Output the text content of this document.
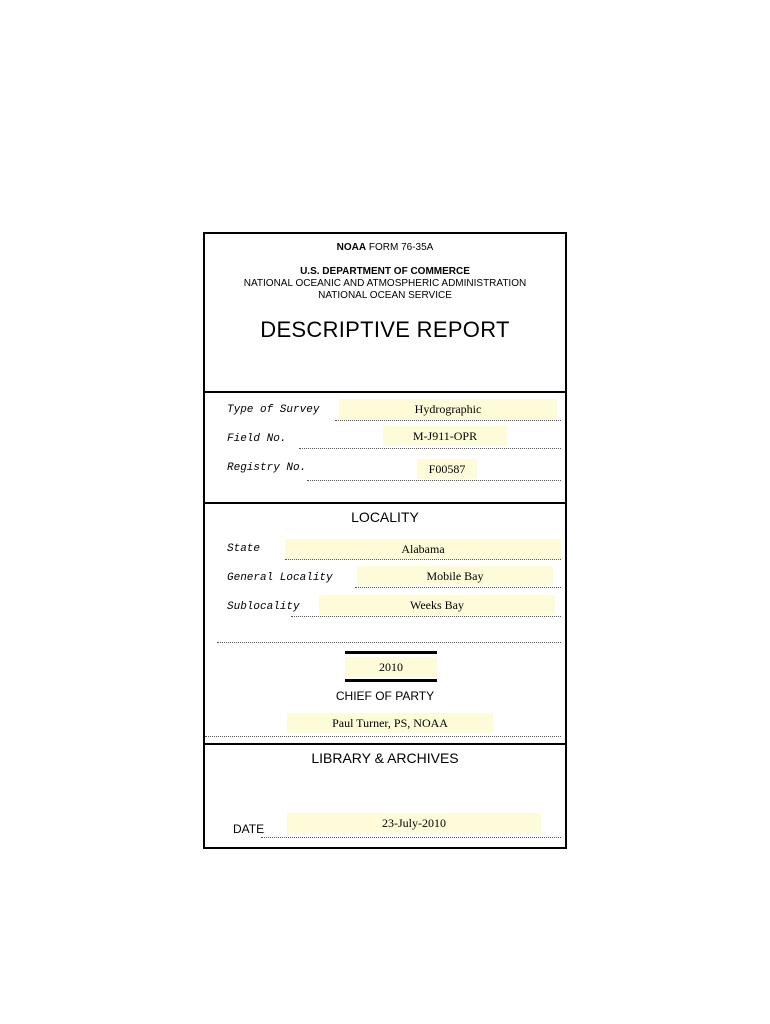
NOAA FORM 76-35A
U.S. DEPARTMENT OF COMMERCE
NATIONAL OCEANIC AND ATMOSPHERIC ADMINISTRATION
NATIONAL OCEAN SERVICE
DESCRIPTIVE REPORT
Type of Survey	Hydrographic
Field No.	M-J911-OPR
Registry No.	F00587
LOCALITY
State	Alabama
General Locality	Mobile Bay
Sublocality	Weeks Bay
2010
CHIEF OF PARTY
Paul Turner, PS, NOAA
LIBRARY & ARCHIVES
DATE	23-July-2010
